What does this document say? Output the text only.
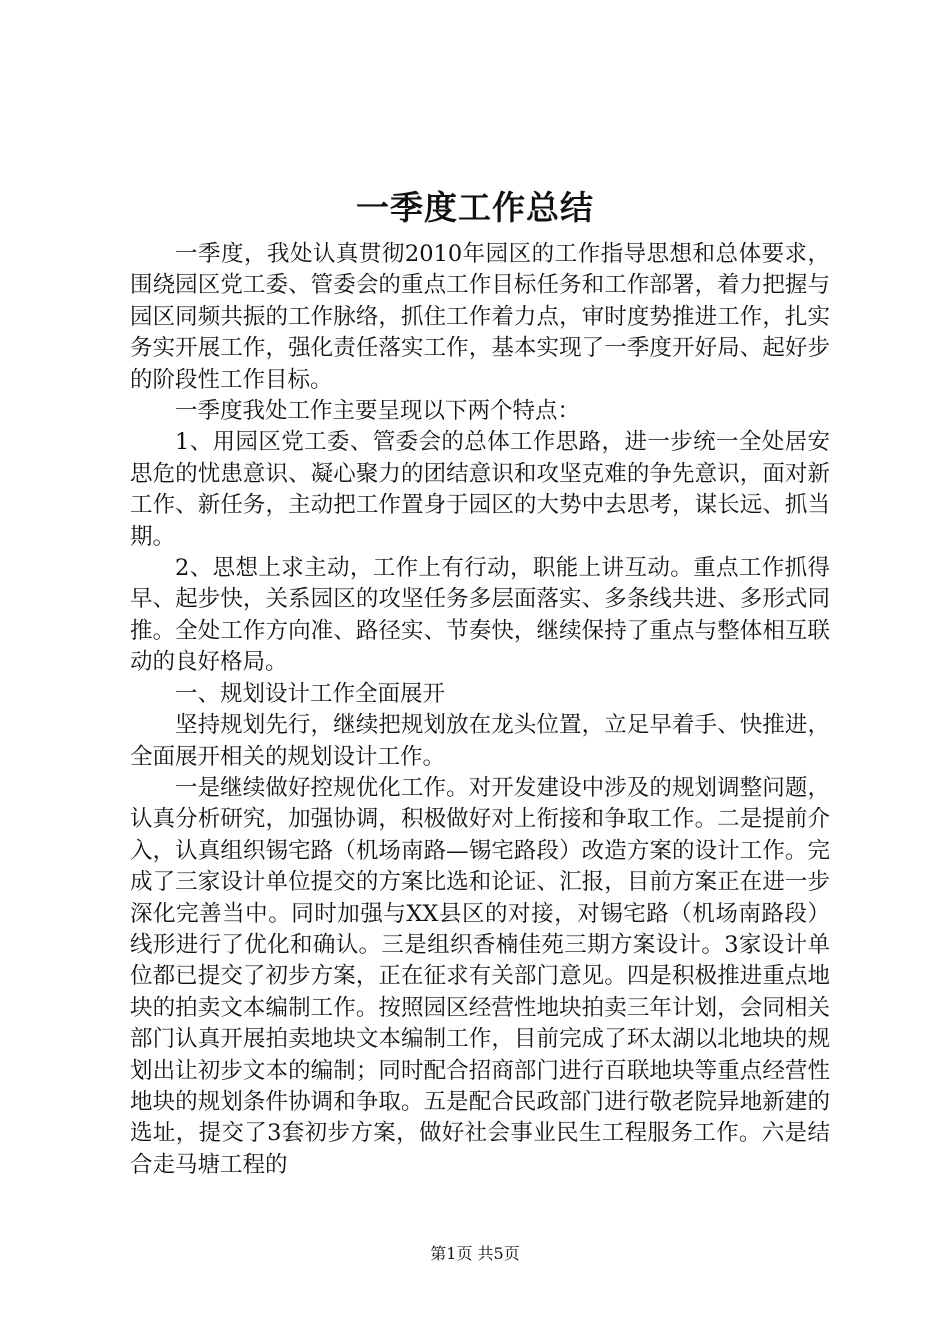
一季度工作总结

一季度，我处认真贯彻2010年园区的工作指导思想和总体要求，围绕园区党工委、管委会的重点工作目标任务和工作部署，着力把握与园区同频共振的工作脉络，抓住工作着力点，审时度势推进工作，扎实务实开展工作，强化责任落实工作，基本实现了一季度开好局、起好步的阶段性工作目标。

一季度我处工作主要呈现以下两个特点：

1、用园区党工委、管委会的总体工作思路，进一步统一全处居安思危的忧患意识、凝心聚力的团结意识和攻坚克难的争先意识，面对新工作、新任务，主动把工作置身于园区的大势中去思考，谋长远、抓当期。

2、思想上求主动，工作上有行动，职能上讲互动。重点工作抓得早、起步快，关系园区的攻坚任务多层面落实、多条线共进、多形式同推。全处工作方向准、路径实、节奏快，继续保持了重点与整体相互联动的良好格局。

一、规划设计工作全面展开

坚持规划先行，继续把规划放在龙头位置，立足早着手、快推进，全面展开相关的规划设计工作。

一是继续做好控规优化工作。对开发建设中涉及的规划调整问题，认真分析研究，加强协调，积极做好对上衔接和争取工作。二是提前介入，认真组织锡宅路（机场南路—锡宅路段）改造方案的设计工作。完成了三家设计单位提交的方案比选和论证、汇报，目前方案正在进一步深化完善当中。同时加强与XX县区的对接，对锡宅路（机场南路段）线形进行了优化和确认。三是组织香楠佳苑三期方案设计。3家设计单位都已提交了初步方案，正在征求有关部门意见。四是积极推进重点地块的拍卖文本编制工作。按照园区经营性地块拍卖三年计划，会同相关部门认真开展拍卖地块文本编制工作，目前完成了环太湖以北地块的规划出让初步文本的编制；同时配合招商部门进行百联地块等重点经营性地块的规划条件协调和争取。五是配合民政部门进行敬老院异地新建的选址，提交了3套初步方案，做好社会事业民生工程服务工作。六是结合走马塘工程的

第1页 共5页
